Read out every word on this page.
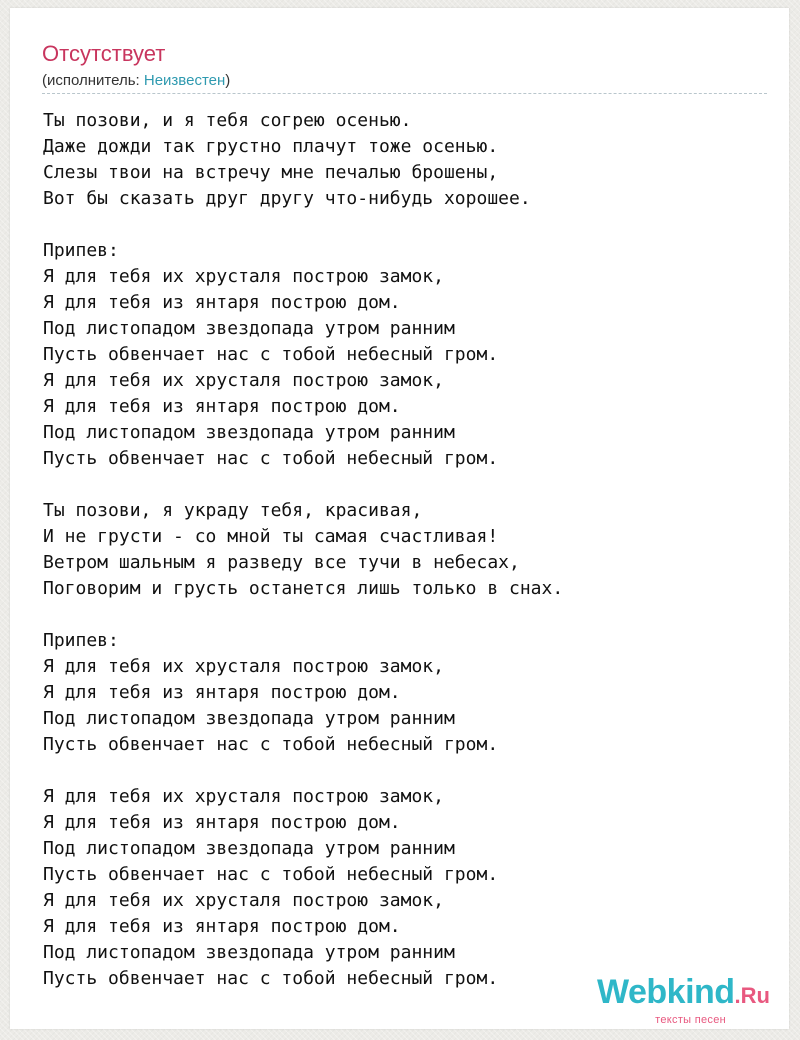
Отсутствует
(исполнитель: Неизвестен)
Ты позови, и я тебя согрею осенью.
Даже дожди так грустно плачут тоже осенью.
Слезы твои на встречу мне печалью брошены,
Вот бы сказать друг другу что-нибудь хорошее.

Припев:
Я для тебя их хрусталя построю замок,
Я для тебя из янтаря построю дом.
Под листопадом звездопада утром ранним
Пусть обвенчает нас с тобой небесный гром.
Я для тебя их хрусталя построю замок,
Я для тебя из янтаря построю дом.
Под листопадом звездопада утром ранним
Пусть обвенчает нас с тобой небесный гром.

Ты позови, я украду тебя, красивая,
И не грусти - со мной ты самая счастливая!
Ветром шальным я разведу все тучи в небесах,
Поговорим и грусть останется лишь только в снах.

Припев:
Я для тебя их хрусталя построю замок,
Я для тебя из янтаря построю дом.
Под листопадом звездопада утром ранним
Пусть обвенчает нас с тобой небесный гром.

Я для тебя их хрусталя построю замок,
Я для тебя из янтаря построю дом.
Под листопадом звездопада утром ранним
Пусть обвенчает нас с тобой небесный гром.
Я для тебя их хрусталя построю замок,
Я для тебя из янтаря построю дом.
Под листопадом звездопада утром ранним
Пусть обвенчает нас с тобой небесный гром.	Webkind.Ru
тексты песен
